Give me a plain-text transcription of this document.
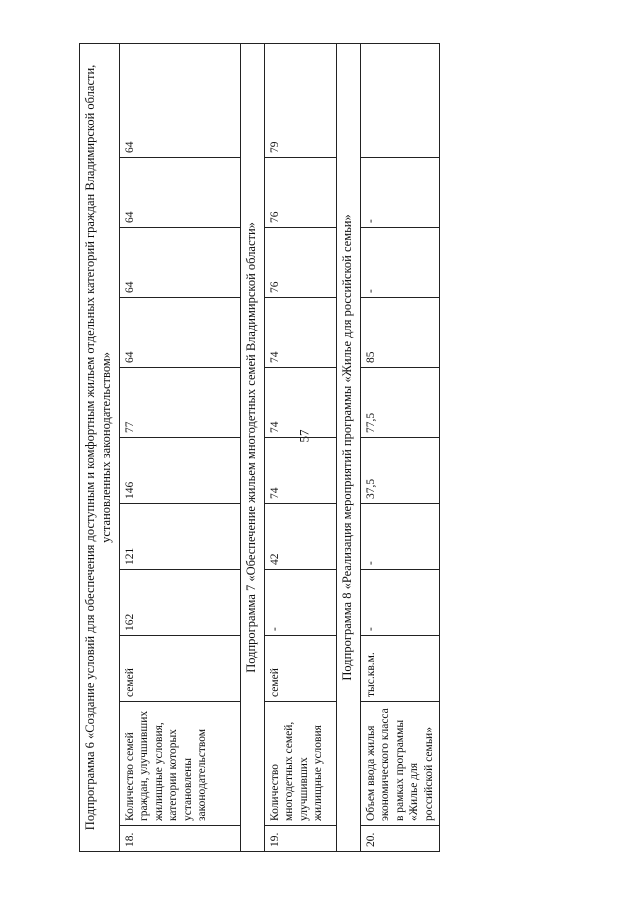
57
Подпрограмма 6 «Создание условий для обеспечения доступным и комфортным жильем отдельных категорий граждан Владимирской области, установленных законодательством»										
18.	Количество семей граждан, улучшивших жилищные условия, категории которых установлены законодательством	семей	162	121	146	77	64	64	64	64
Подпрограмма 7 «Обеспечение жильем многодетных семей Владимирской области»										
19.	Количество многодетных семей, улучшивших жилищные условия	семей	-	42	74	74	74	76	76	79
Подпрограмма 8 «Реализация мероприятий программы «Жилье для российской семьи»										
20.	Объем ввода жилья экономического класса в рамках программы «Жилье для российской семьи»	тыс.кв.м.	-	-	37,5	77,5	85	-	-	
